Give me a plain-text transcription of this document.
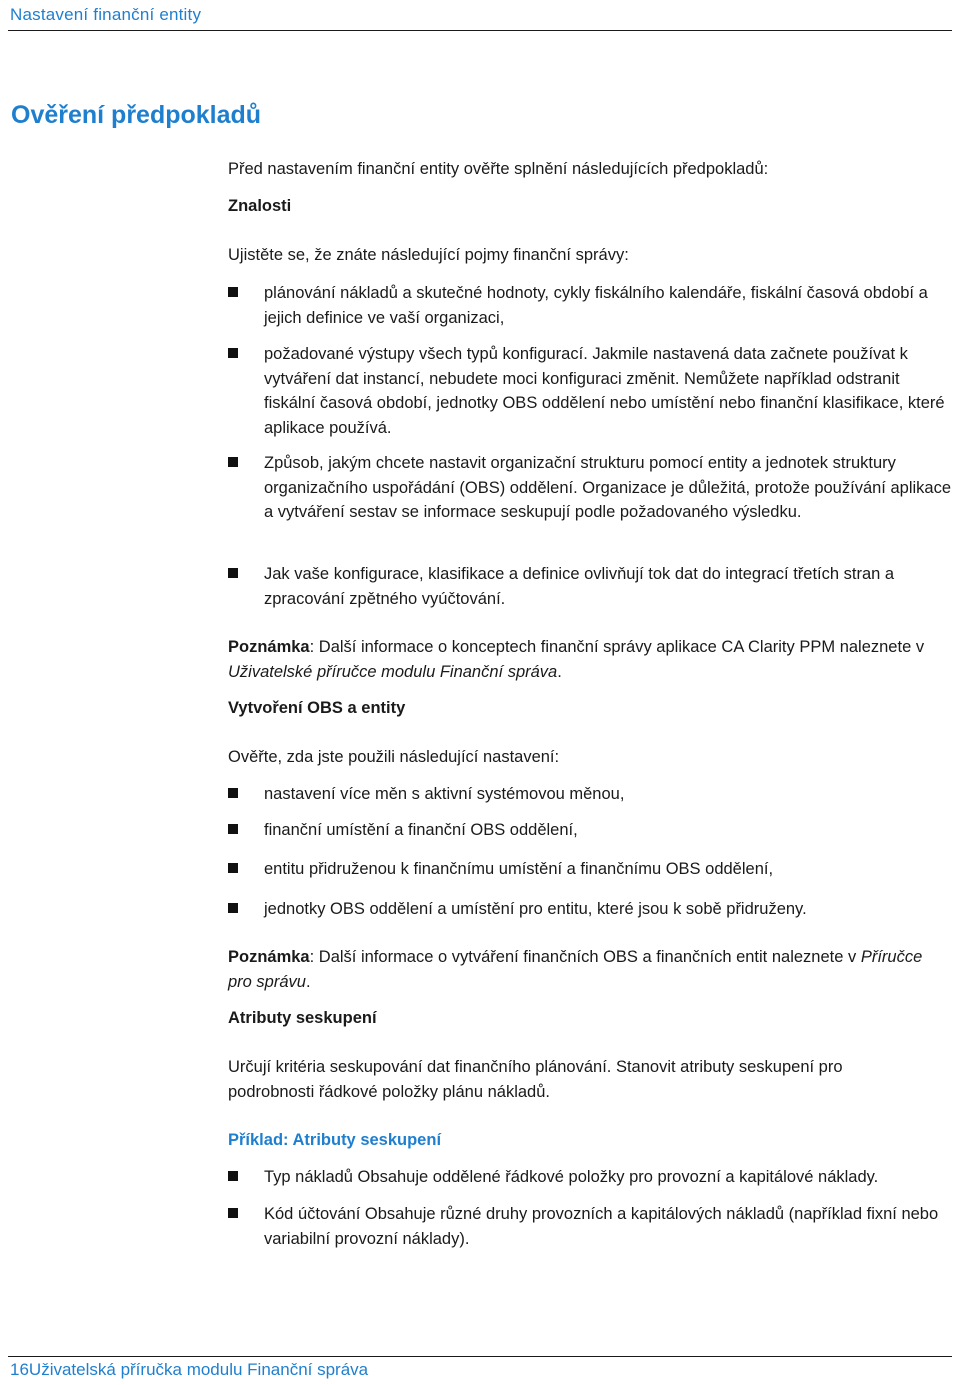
Nastavení finanční entity
Ověření předpokladů

Před nastavením finanční entity ověřte splnění následujících předpokladů:

Znalosti

Ujistěte se, že znáte následující pojmy finanční správy:

plánování nákladů a skutečné hodnoty, cykly fiskálního kalendáře, fiskální časová období a jejich definice ve vaší organizaci,

požadované výstupy všech typů konfigurací. Jakmile nastavená data začnete používat k vytváření dat instancí, nebudete moci konfiguraci změnit. Nemůžete například odstranit fiskální časová období, jednotky OBS oddělení nebo umístění nebo finanční klasifikace, které aplikace používá.

Způsob, jakým chcete nastavit organizační strukturu pomocí entity a jednotek struktury organizačního uspořádání (OBS) oddělení. Organizace je důležitá, protože používání aplikace a vytváření sestav se informace seskupují podle požadovaného výsledku.

Jak vaše konfigurace, klasifikace a definice ovlivňují tok dat do integrací třetích stran a zpracování zpětného vyúčtování.

Poznámka: Další informace o konceptech finanční správy aplikace CA Clarity PPM naleznete v Uživatelské příručce modulu Finanční správa.

Vytvoření OBS a entity

Ověřte, zda jste použili následující nastavení:

nastavení více měn s aktivní systémovou měnou,

finanční umístění a finanční OBS oddělení,

entitu přidruženou k finančnímu umístění a finančnímu OBS oddělení,

jednotky OBS oddělení a umístění pro entitu, které jsou k sobě přidruženy.

Poznámka: Další informace o vytváření finančních OBS a finančních entit naleznete v Příručce pro správu.

Atributy seskupení

Určují kritéria seskupování dat finančního plánování. Stanovit atributy seskupení pro podrobnosti řádkové položky plánu nákladů.

Příklad: Atributy seskupení

Typ nákladů Obsahuje oddělené řádkové položky pro provozní a kapitálové náklady.

Kód účtování Obsahuje různé druhy provozních a kapitálových nákladů (například fixní nebo variabilní provozní náklady).

16Uživatelská příručka modulu Finanční správa
